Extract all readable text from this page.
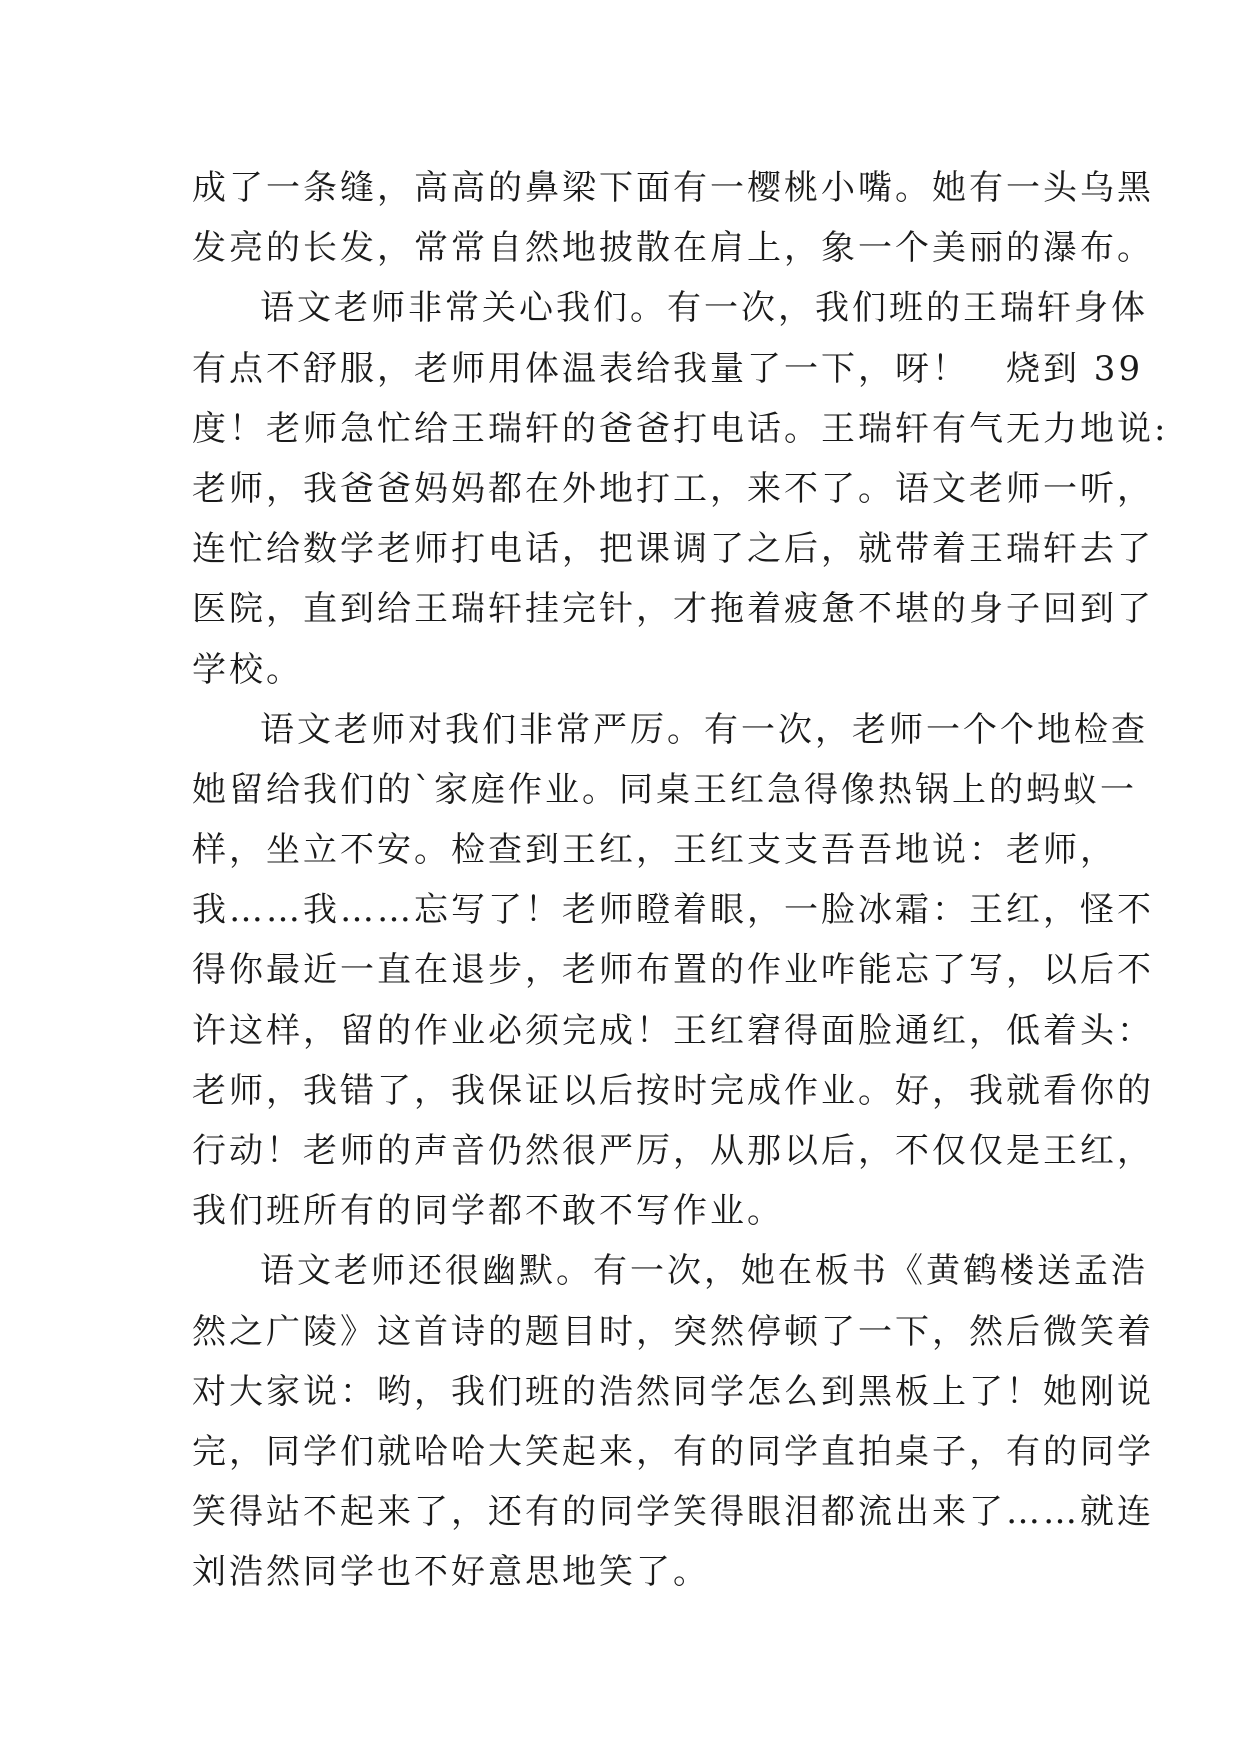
成了一条缝，高高的鼻梁下面有一樱桃小嘴。她有一头乌黑
发亮的长发，常常自然地披散在肩上，象一个美丽的瀑布。
语文老师非常关心我们。有一次，我们班的王瑞轩身体
有点不舒服，老师用体温表给我量了一下，呀！　烧到 39
度！老师急忙给王瑞轩的爸爸打电话。王瑞轩有气无力地说:
老师，我爸爸妈妈都在外地打工，来不了。语文老师一听，
连忙给数学老师打电话，把课调了之后，就带着王瑞轩去了
医院，直到给王瑞轩挂完针，才拖着疲惫不堪的身子回到了
学校。
语文老师对我们非常严厉。有一次，老师一个个地检查
她留给我们的`家庭作业。同桌王红急得像热锅上的蚂蚁一
样，坐立不安。检查到王红，王红支支吾吾地说：老师，
我……我……忘写了！老师瞪着眼，一脸冰霜：王红，怪不
得你最近一直在退步，老师布置的作业咋能忘了写，以后不
许这样，留的作业必须完成！王红窘得面脸通红，低着头：
老师，我错了，我保证以后按时完成作业。好，我就看你的
行动！老师的声音仍然很严厉，从那以后，不仅仅是王红，
我们班所有的同学都不敢不写作业。
语文老师还很幽默。有一次，她在板书《黄鹤楼送孟浩
然之广陵》这首诗的题目时，突然停顿了一下，然后微笑着
对大家说：哟，我们班的浩然同学怎么到黑板上了！她刚说
完，同学们就哈哈大笑起来，有的同学直拍桌子，有的同学
笑得站不起来了，还有的同学笑得眼泪都流出来了……就连
刘浩然同学也不好意思地笑了。
